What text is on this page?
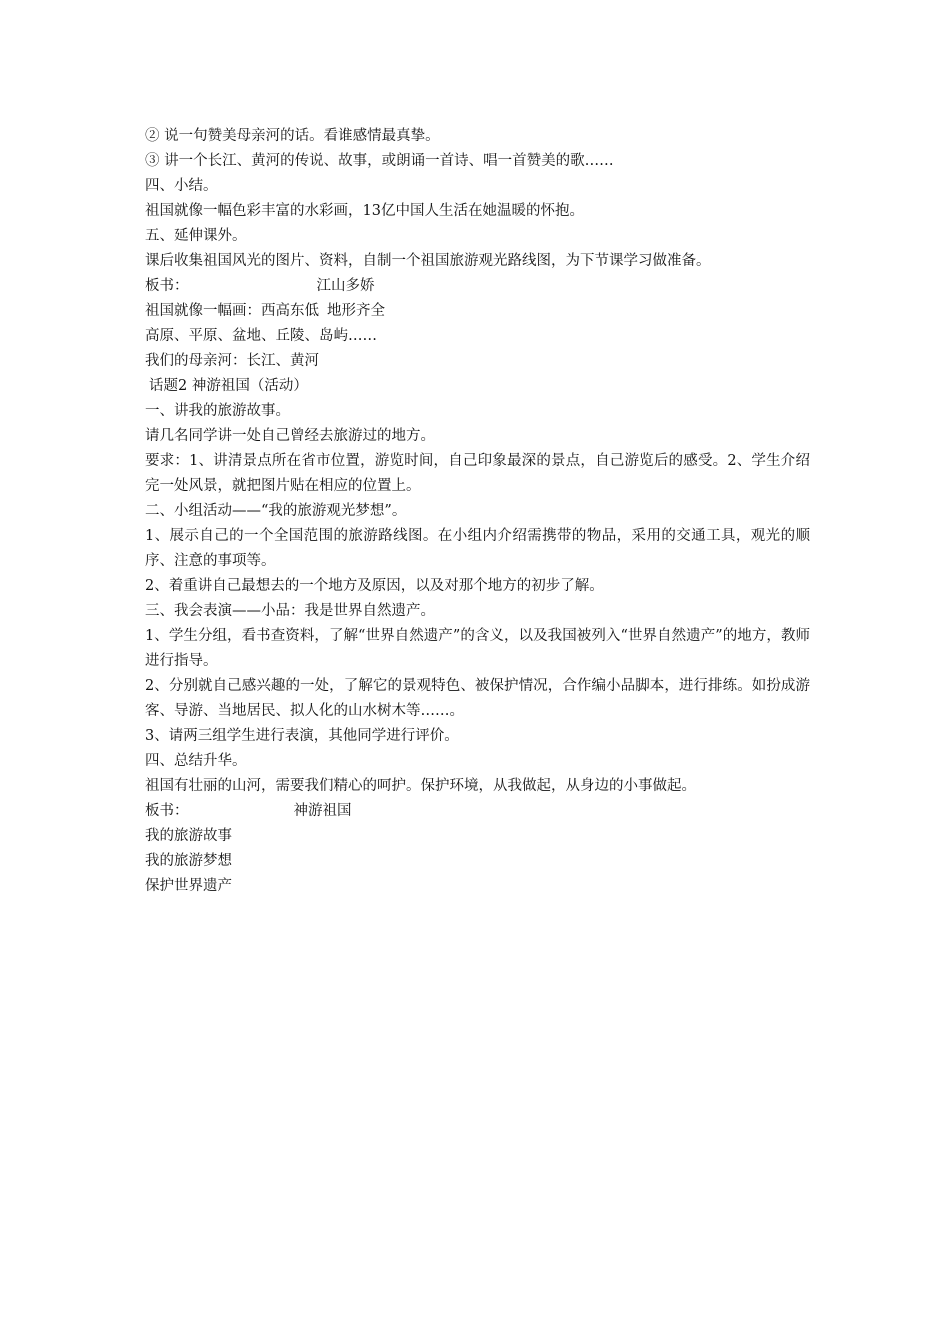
② 说一句赞美母亲河的话。看谁感情最真挚。

③ 讲一个长江、黄河的传说、故事，或朗诵一首诗、唱一首赞美的歌……

四、小结。

祖国就像一幅色彩丰富的水彩画，13亿中国人生活在她温暖的怀抱。

五、延伸课外。

课后收集祖国风光的图片、资料，自制一个祖国旅游观光路线图，为下节课学习做准备。

板书：	江山多娇

祖国就像一幅画：西高东低 地形齐全

高原、平原、盆地、丘陵、岛屿……

我们的母亲河：长江、黄河

话题2 神游祖国（活动）

一、讲我的旅游故事。

请几名同学讲一处自己曾经去旅游过的地方。

要求：1、讲清景点所在省市位置，游览时间，自己印象最深的景点，自己游览后的感受。2、学生介绍完一处风景，就把图片贴在相应的位置上。

二、小组活动——“我的旅游观光梦想”。

1、展示自己的一个全国范围的旅游路线图。在小组内介绍需携带的物品，采用的交通工具，观光的顺序、注意的事项等。

2、着重讲自己最想去的一个地方及原因，以及对那个地方的初步了解。

三、我会表演——小品：我是世界自然遗产。

1、学生分组，看书查资料，了解“世界自然遗产”的含义，以及我国被列入“世界自然遗产”的地方，教师进行指导。

2、分别就自己感兴趣的一处，了解它的景观特色、被保护情况，合作编小品脚本，进行排练。如扮成游客、导游、当地居民、拟人化的山水树木等……。

3、请两三组学生进行表演，其他同学进行评价。

四、总结升华。

祖国有壮丽的山河，需要我们精心的呵护。保护环境，从我做起，从身边的小事做起。

板书：	神游祖国

我的旅游故事

我的旅游梦想

保护世界遗产
